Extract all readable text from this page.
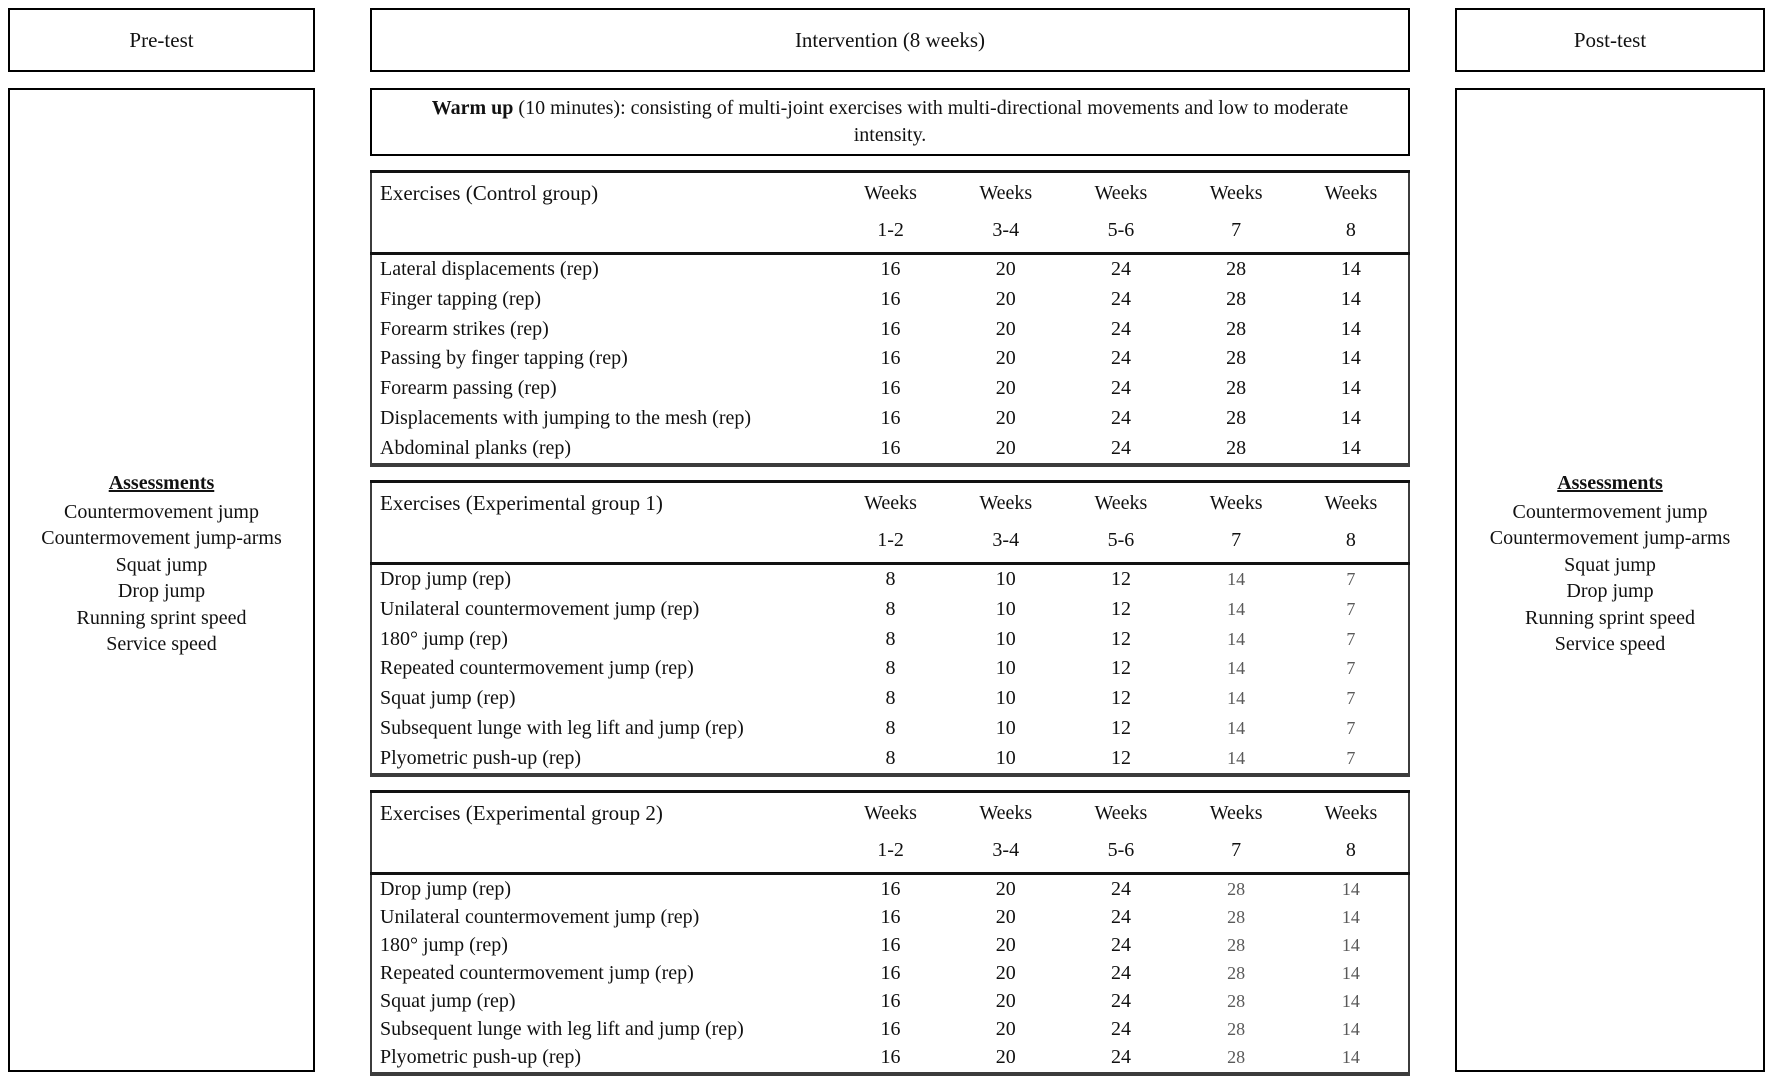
Pre-test	Intervention (8 weeks)	Post-test
Assessments
Countermovement jump
Countermovement jump-arms
Squat jump
Drop jump
Running sprint speed
Service speed
Warm up (10 minutes): consisting of multi-joint exercises with multi-directional movements and low to moderate intensity.
Exercises (Control group)	Weeks	Weeks	Weeks	Weeks	Weeks
	1-2	3-4	5-6	7	8
Lateral displacements (rep)	16	20	24	28	14
Finger tapping (rep)	16	20	24	28	14
Forearm strikes (rep)	16	20	24	28	14
Passing by finger tapping (rep)	16	20	24	28	14
Forearm passing (rep)	16	20	24	28	14
Displacements with jumping to the mesh (rep)	16	20	24	28	14
Abdominal planks (rep)	16	20	24	28	14
Exercises (Experimental group 1)	Weeks	Weeks	Weeks	Weeks	Weeks
	1-2	3-4	5-6	7	8
Drop jump (rep)	8	10	12	14	7
Unilateral countermovement jump (rep)	8	10	12	14	7
180° jump (rep)	8	10	12	14	7
Repeated countermovement jump (rep)	8	10	12	14	7
Squat jump (rep)	8	10	12	14	7
Subsequent lunge with leg lift and jump (rep)	8	10	12	14	7
Plyometric push-up (rep)	8	10	12	14	7
Exercises (Experimental group 2)	Weeks	Weeks	Weeks	Weeks	Weeks
	1-2	3-4	5-6	7	8
Drop jump (rep)	16	20	24	28	14
Unilateral countermovement jump (rep)	16	20	24	28	14
180° jump (rep)	16	20	24	28	14
Repeated countermovement jump (rep)	16	20	24	28	14
Squat jump (rep)	16	20	24	28	14
Subsequent lunge with leg lift and jump (rep)	16	20	24	28	14
Plyometric push-up (rep)	16	20	24	28	14
Assessments
Countermovement jump
Countermovement jump-arms
Squat jump
Drop jump
Running sprint speed
Service speed
